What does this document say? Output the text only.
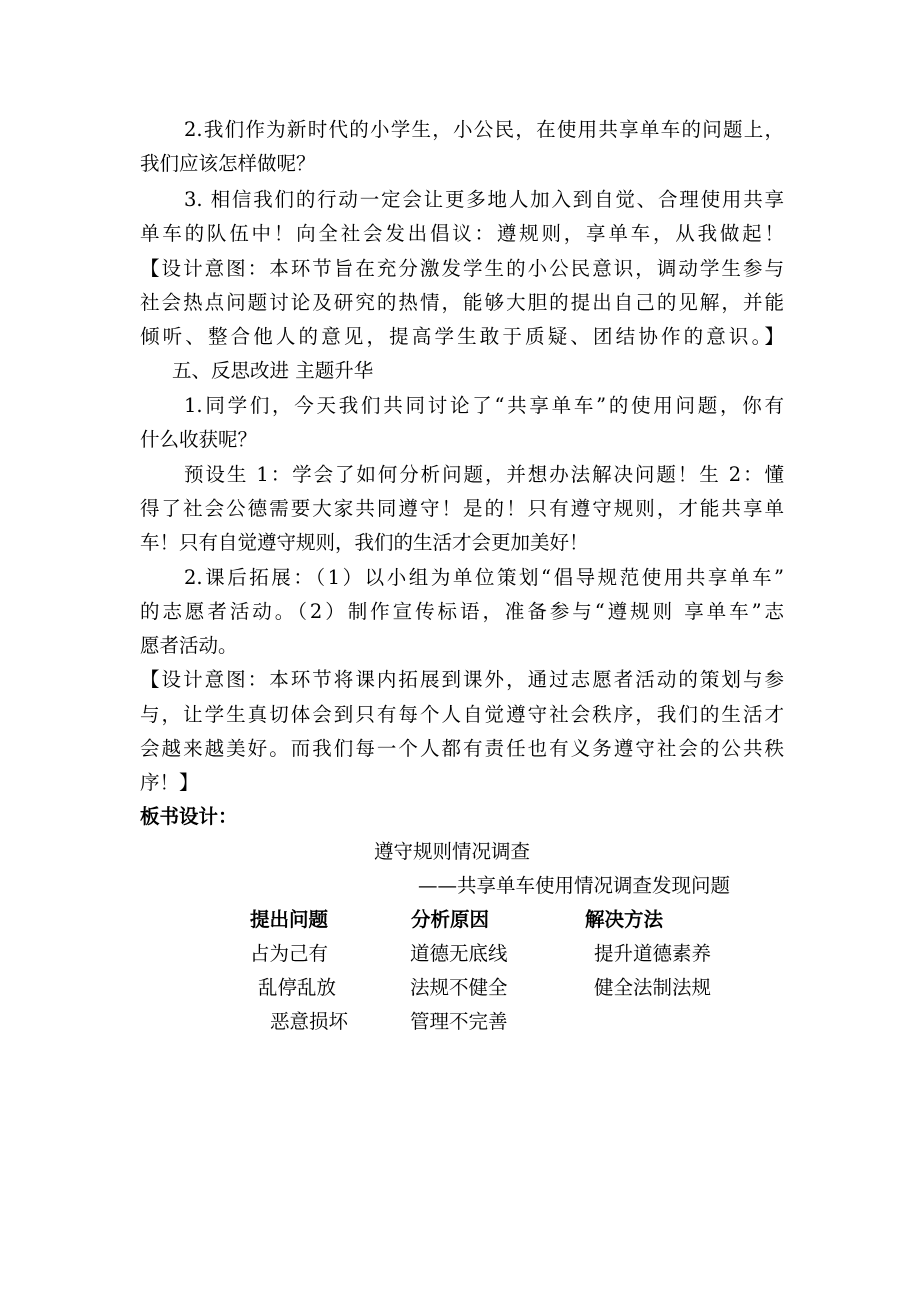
2.我们作为新时代的小学生，小公民，在使用共享单车的问题上，
我们应该怎样做呢？
3. 相信我们的行动一定会让更多地人加入到自觉、合理使用共享
单车的队伍中！向全社会发出倡议：遵规则，享单车，从我做起！
【设计意图：本环节旨在充分激发学生的小公民意识，调动学生参与
社会热点问题讨论及研究的热情，能够大胆的提出自己的见解，并能
倾听、整合他人的意见，提高学生敢于质疑、团结协作的意识。】
五、反思改进 主题升华
1.同学们，今天我们共同讨论了“共享单车”的使用问题，你有
什么收获呢？
预设生 1：学会了如何分析问题，并想办法解决问题！生 2：懂
得了社会公德需要大家共同遵守！是的！只有遵守规则，才能共享单
车！只有自觉遵守规则，我们的生活才会更加美好！
2.课后拓展：（1）以小组为单位策划“倡导规范使用共享单车”
的志愿者活动。（2）制作宣传标语，准备参与“遵规则 享单车”志
愿者活动。
【设计意图：本环节将课内拓展到课外，通过志愿者活动的策划与参
与，让学生真切体会到只有每个人自觉遵守社会秩序，我们的生活才
会越来越美好。而我们每一个人都有责任也有义务遵守社会的公共秩
序！】
板书设计：
遵守规则情况调查
——共享单车使用情况调查发现问题
提出问题
占为己有
乱停乱放
恶意损坏
分析原因
道德无底线
法规不健全
管理不完善
解决方法
提升道德素养
健全法制法规
